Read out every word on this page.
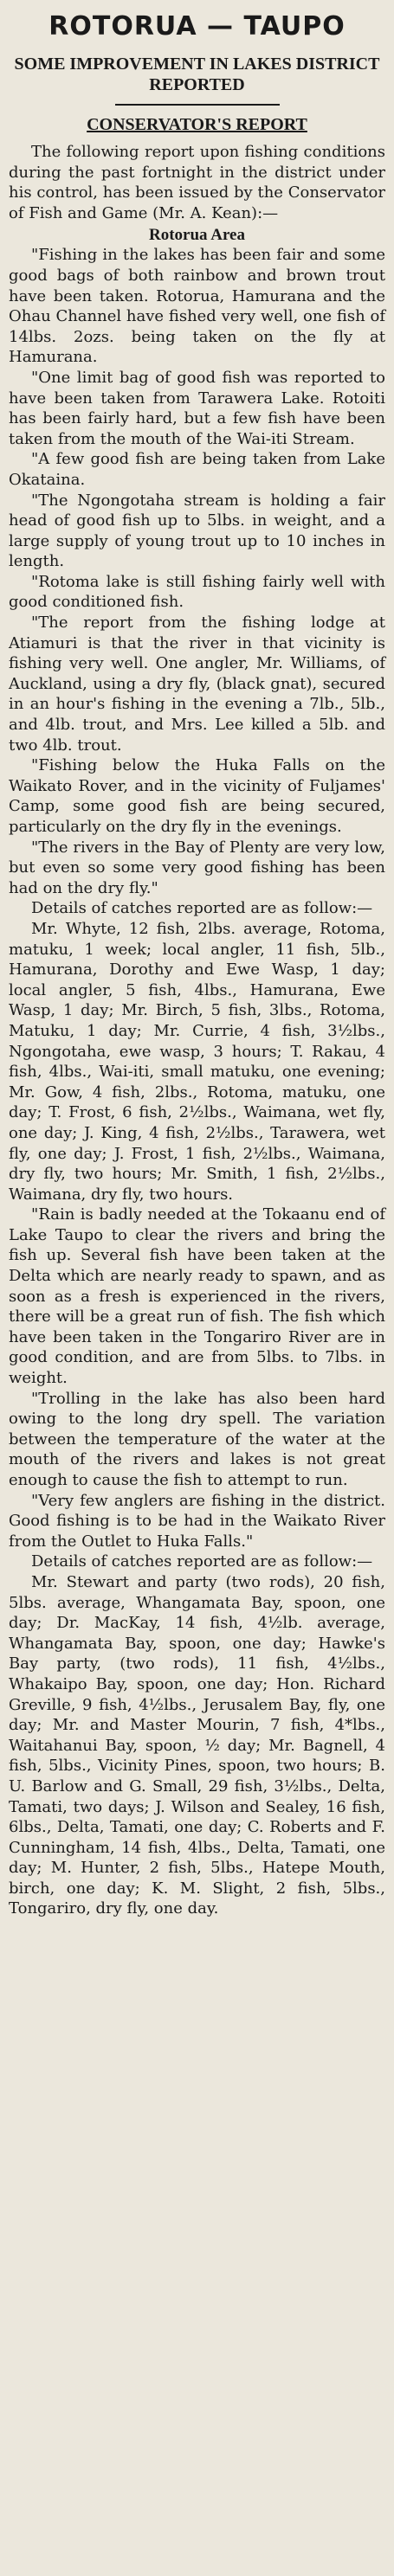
ROTORUA — TAUPO
SOME IMPROVEMENT IN LAKES DISTRICT REPORTED
CONSERVATOR'S REPORT

The following report upon fishing conditions during the past fortnight in the district under his control, has been issued by the Conservator of Fish and Game (Mr. A. Kean):—

Rotorua Area

"Fishing in the lakes has been fair and some good bags of both rainbow and brown trout have been taken. Rotorua, Hamurana and the Ohau Channel have fished very well, one fish of 14lbs. 2ozs. being taken on the fly at Hamurana.

"One limit bag of good fish was reported to have been taken from Tarawera Lake. Rotoiti has been fairly hard, but a few fish have been taken from the mouth of the Wai-iti Stream.

"A few good fish are being taken from Lake Okataina.

"The Ngongotaha stream is holding a fair head of good fish up to 5lbs. in weight, and a large supply of young trout up to 10 inches in length.

"Rotoma lake is still fishing fairly well with good conditioned fish.

"The report from the fishing lodge at Atiamuri is that the river in that vicinity is fishing very well. One angler, Mr. Williams, of Auckland, using a dry fly, (black gnat), secured in an hour's fishing in the evening a 7lb., 5lb., and 4lb. trout, and Mrs. Lee killed a 5lb. and two 4lb. trout.

"Fishing below the Huka Falls on the Waikato Rover, and in the vicinity of Fuljames' Camp, some good fish are being secured, particularly on the dry fly in the evenings.

"The rivers in the Bay of Plenty are very low, but even so some very good fishing has been had on the dry fly."

Details of catches reported are as follow:—

Mr. Whyte, 12 fish, 2lbs. average, Rotoma, matuku, 1 week; local angler, 11 fish, 5lb., Hamurana, Dorothy and Ewe Wasp, 1 day; local angler, 5 fish, 4lbs., Hamurana, Ewe Wasp, 1 day; Mr. Birch, 5 fish, 3lbs., Rotoma, Matuku, 1 day; Mr. Currie, 4 fish, 3½lbs., Ngongotaha, ewe wasp, 3 hours; T. Rakau, 4 fish, 4lbs., Wai-iti, small matuku, one evening; Mr. Gow, 4 fish, 2lbs., Rotoma, matuku, one day; T. Frost, 6 fish, 2½lbs., Waimana, wet fly, one day; J. King, 4 fish, 2½lbs., Tarawera, wet fly, one day; J. Frost, 1 fish, 2½lbs., Waimana, dry fly, two hours; Mr. Smith, 1 fish, 2½lbs., Waimana, dry fly, two hours.

"Rain is badly needed at the Tokaanu end of Lake Taupo to clear the rivers and bring the fish up. Several fish have been taken at the Delta which are nearly ready to spawn, and as soon as a fresh is experienced in the rivers, there will be a great run of fish. The fish which have been taken in the Tongariro River are in good condition, and are from 5lbs. to 7lbs. in weight.

"Trolling in the lake has also been hard owing to the long dry spell. The variation between the temperature of the water at the mouth of the rivers and lakes is not great enough to cause the fish to attempt to run.

"Very few anglers are fishing in the district. Good fishing is to be had in the Waikato River from the Outlet to Huka Falls."

Details of catches reported are as follow:—

Mr. Stewart and party (two rods), 20 fish, 5lbs. average, Whangamata Bay, spoon, one day; Dr. MacKay, 14 fish, 4½lb. average, Whangamata Bay, spoon, one day; Hawke's Bay party, (two rods), 11 fish, 4½lbs., Whakaipo Bay, spoon, one day; Hon. Richard Greville, 9 fish, 4½lbs., Jerusalem Bay, fly, one day; Mr. and Master Mourin, 7 fish, 4*lbs., Waitahanui Bay, spoon, ½ day; Mr. Bagnell, 4 fish, 5lbs., Vicinity Pines, spoon, two hours; B. U. Barlow and G. Small, 29 fish, 3½lbs., Delta, Tamati, two days; J. Wilson and Sealey, 16 fish, 6lbs., Delta, Tamati, one day; C. Roberts and F. Cunningham, 14 fish, 4lbs., Delta, Tamati, one day; M. Hunter, 2 fish, 5lbs., Hatepe Mouth, birch, one day; K. M. Slight, 2 fish, 5lbs., Tongariro, dry fly, one day.
